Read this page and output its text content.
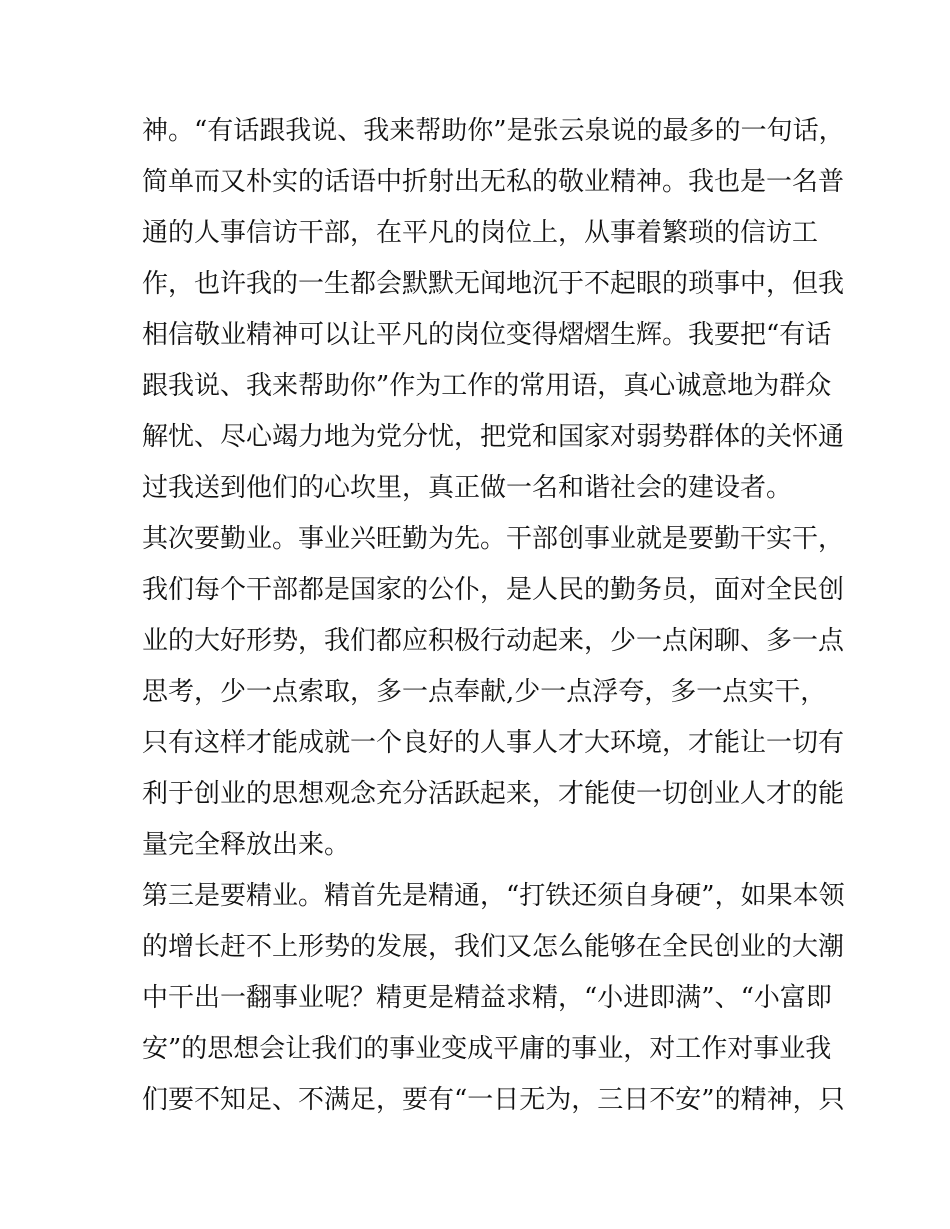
神。“有话跟我说、我来帮助你”是张云泉说的最多的一句话，
简单而又朴实的话语中折射出无私的敬业精神。我也是一名普
通的人事信访干部，在平凡的岗位上，从事着繁琐的信访工
作，也许我的一生都会默默无闻地沉于不起眼的琐事中，但我
相信敬业精神可以让平凡的岗位变得熠熠生辉。我要把“有话
跟我说、我来帮助你”作为工作的常用语，真心诚意地为群众
解忧、尽心竭力地为党分忧，把党和国家对弱势群体的关怀通
过我送到他们的心坎里，真正做一名和谐社会的建设者。
其次要勤业。事业兴旺勤为先。干部创事业就是要勤干实干，
我们每个干部都是国家的公仆，是人民的勤务员，面对全民创
业的大好形势，我们都应积极行动起来，少一点闲聊、多一点
思考，少一点索取，多一点奉献,少一点浮夸，多一点实干，
只有这样才能成就一个良好的人事人才大环境，才能让一切有
利于创业的思想观念充分活跃起来，才能使一切创业人才的能
量完全释放出来。
第三是要精业。精首先是精通，“打铁还须自身硬”，如果本领
的增长赶不上形势的发展，我们又怎么能够在全民创业的大潮
中干出一翻事业呢？精更是精益求精，“小进即满”、“小富即
安”的思想会让我们的事业变成平庸的事业，对工作对事业我
们要不知足、不满足，要有“一日无为，三日不安”的精神，只
